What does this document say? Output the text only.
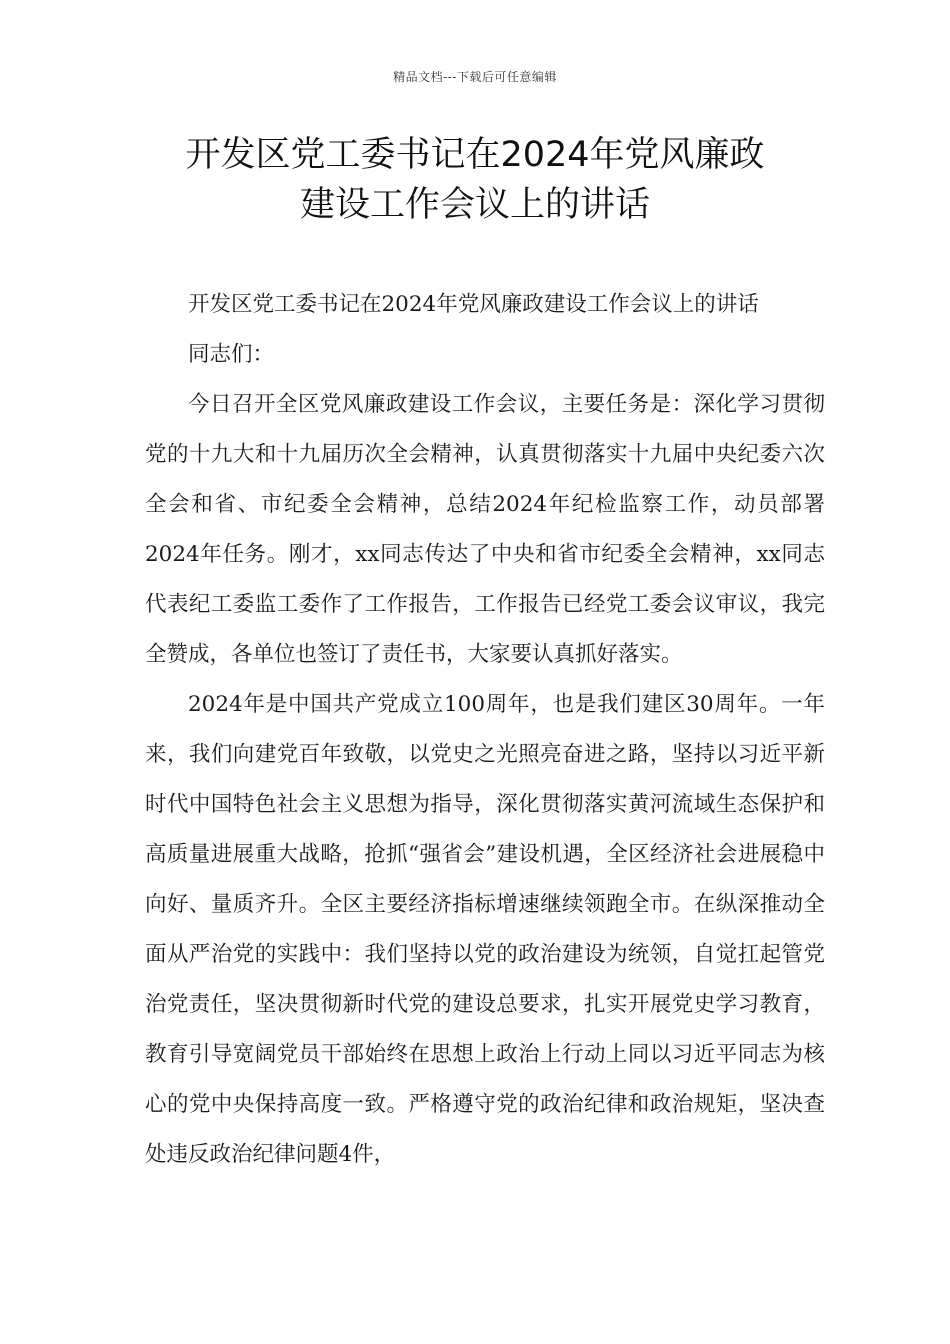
精品文档---下载后可任意编辑
开发区党工委书记在2024年党风廉政
建设工作会议上的讲话

开发区党工委书记在2024年党风廉政建设工作会议上的讲话

同志们：

今日召开全区党风廉政建设工作会议，主要任务是：深化学习贯彻党的十九大和十九届历次全会精神，认真贯彻落实十九届中央纪委六次全会和省、市纪委全会精神，总结2024年纪检监察工作，动员部署2024年任务。刚才，xx同志传达了中央和省市纪委全会精神，xx同志代表纪工委监工委作了工作报告，工作报告已经党工委会议审议，我完全赞成，各单位也签订了责任书，大家要认真抓好落实。

2024年是中国共产党成立100周年，也是我们建区30周年。一年来，我们向建党百年致敬，以党史之光照亮奋进之路，坚持以习近平新时代中国特色社会主义思想为指导，深化贯彻落实黄河流域生态保护和高质量进展重大战略，抢抓“强省会”建设机遇，全区经济社会进展稳中向好、量质齐升。全区主要经济指标增速继续领跑全市。在纵深推动全面从严治党的实践中：我们坚持以党的政治建设为统领，自觉扛起管党治党责任，坚决贯彻新时代党的建设总要求，扎实开展党史学习教育，教育引导宽阔党员干部始终在思想上政治上行动上同以习近平同志为核心的党中央保持高度一致。严格遵守党的政治纪律和政治规矩，坚决查处违反政治纪律问题4件，
